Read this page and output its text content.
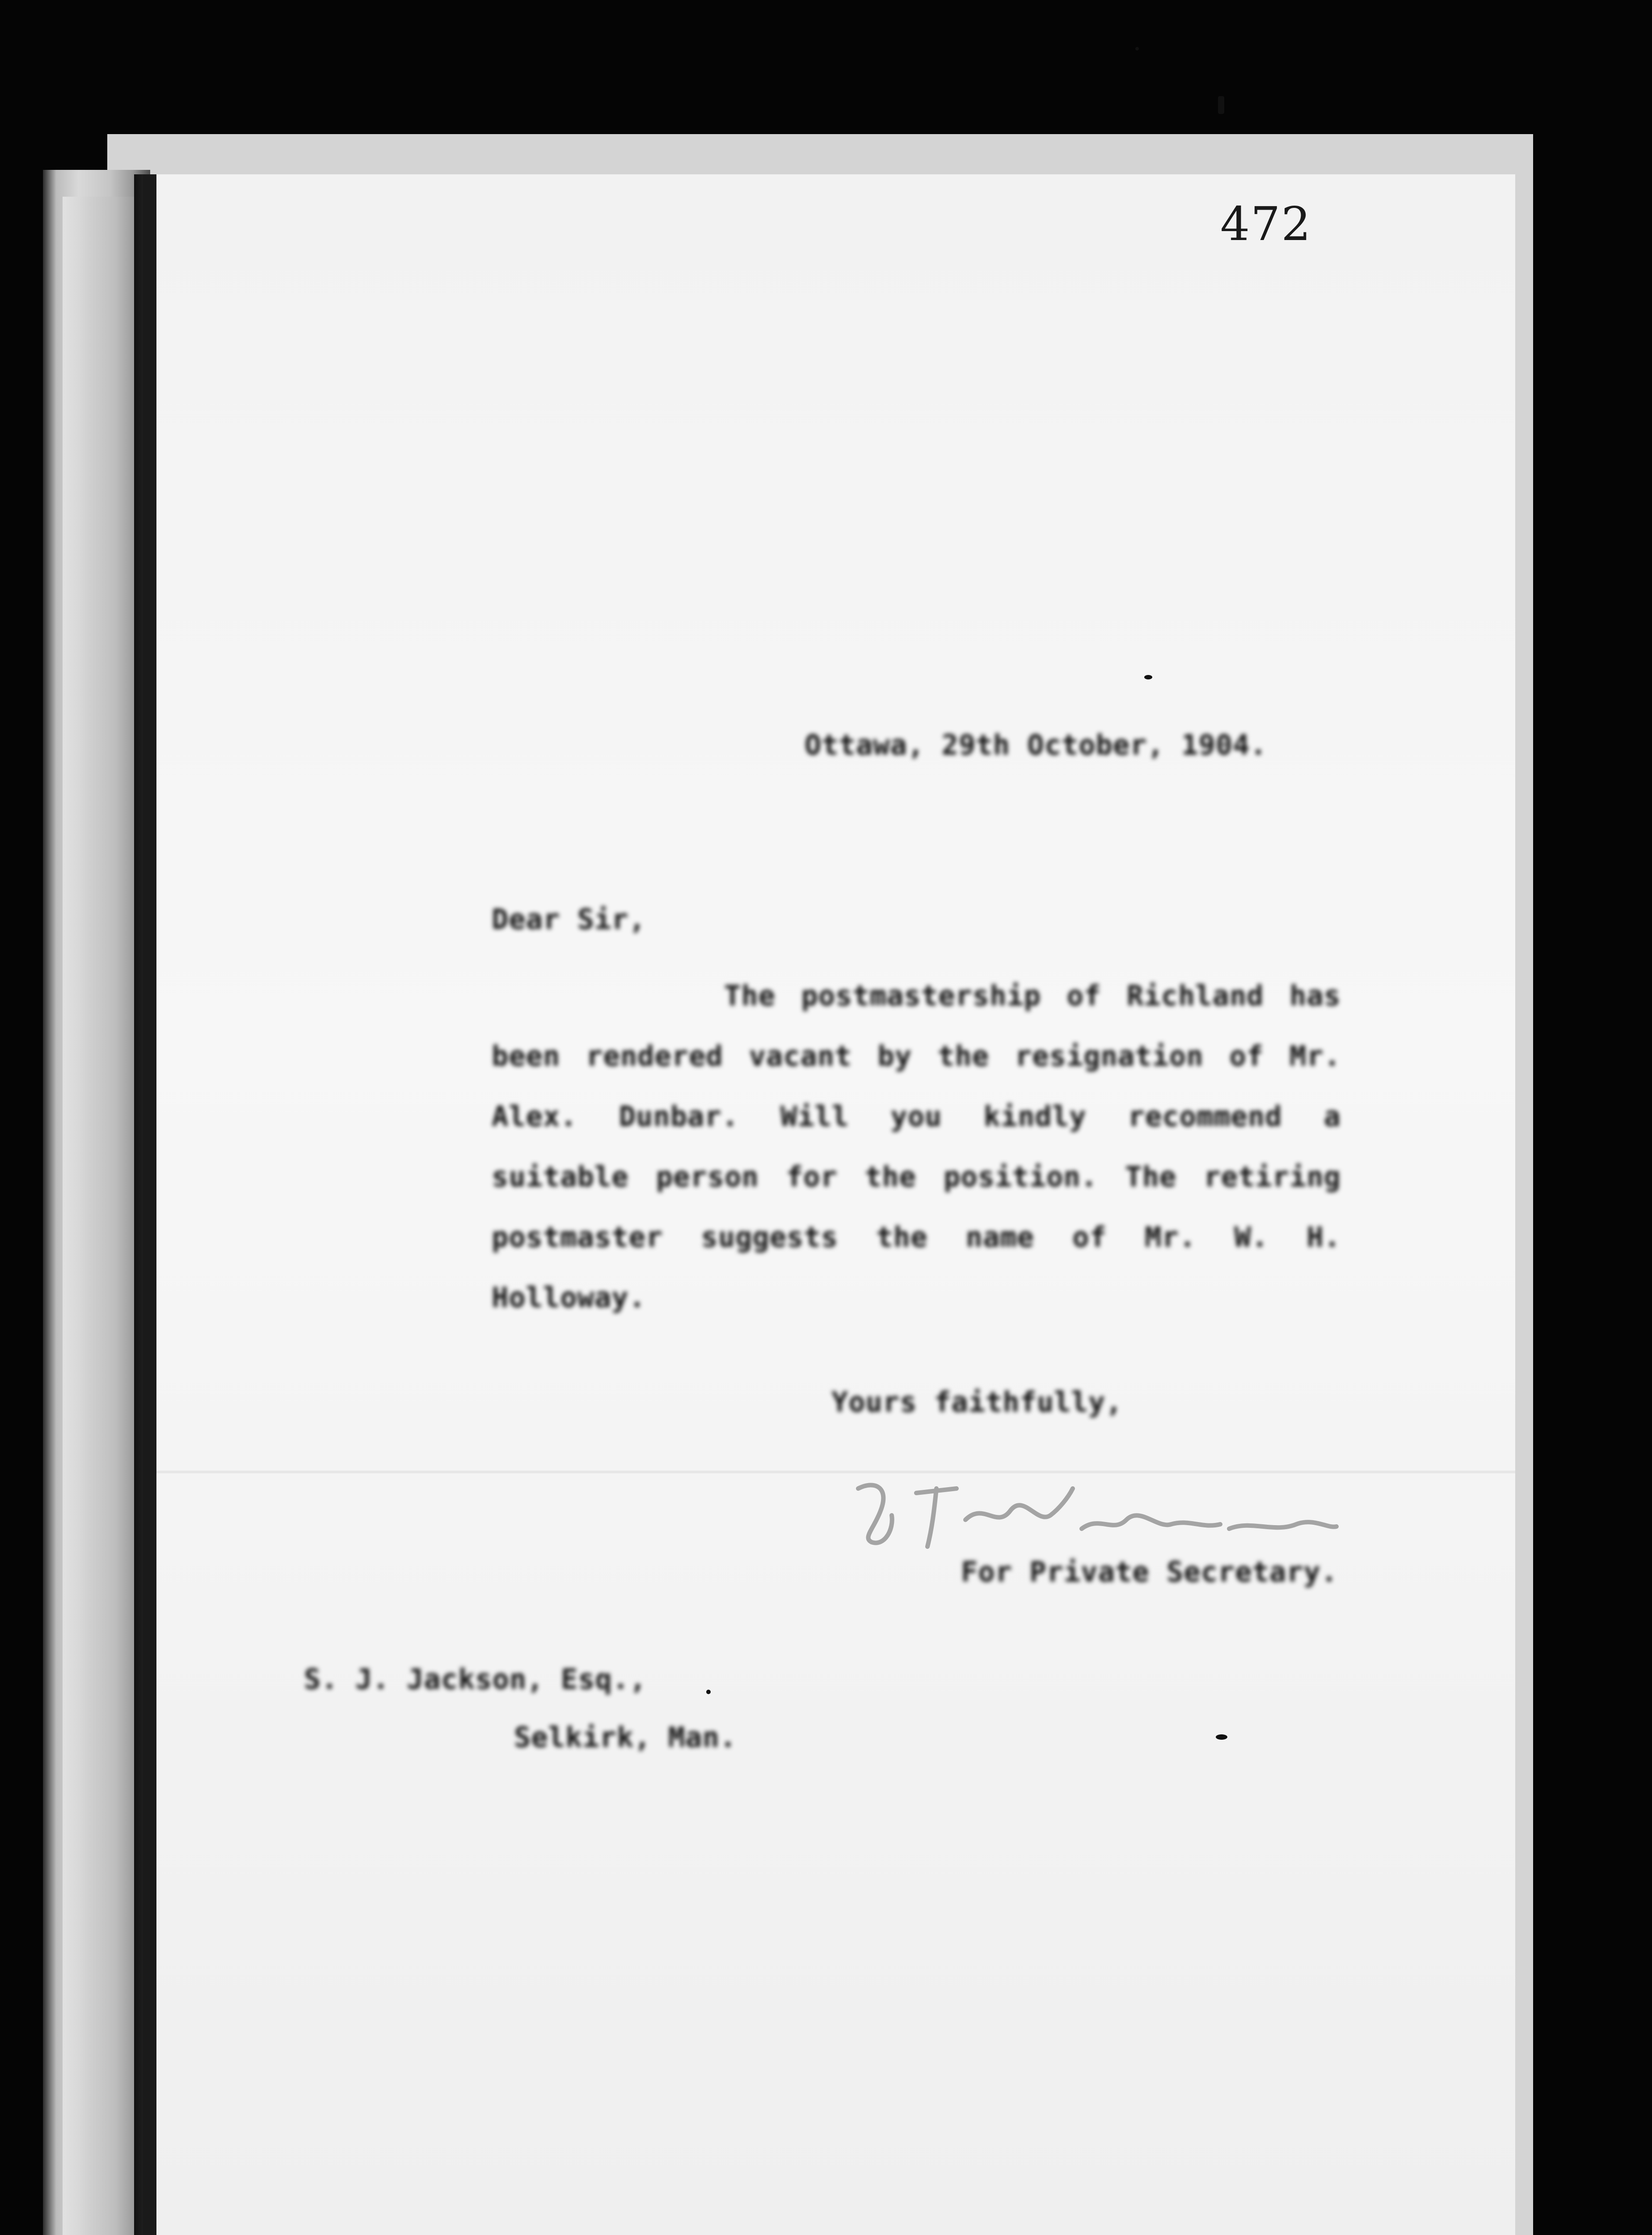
472
Ottawa, 29th October, 1904.
Dear Sir,
The postmastership of Richland has been rendered vacant by the resignation of Mr. Alex. Dunbar. Will you kindly recommend a suitable person for the position. The retiring postmaster suggests the name of Mr. W. H. Holloway.
Yours faithfully,
For Private Secretary.
S. J. Jackson, Esq.,
Selkirk, Man.
